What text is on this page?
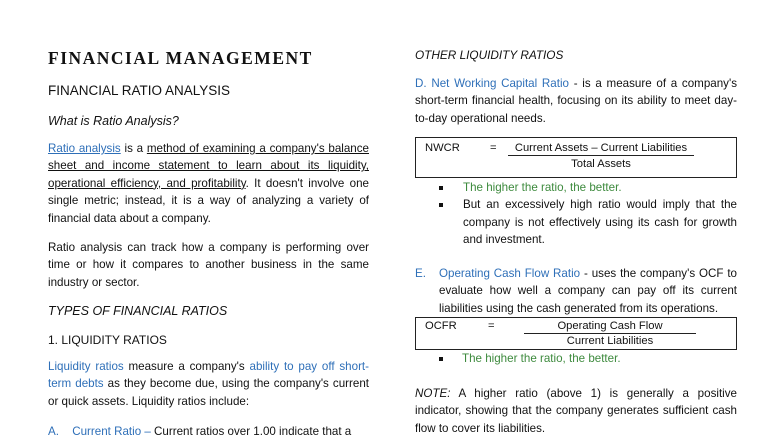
FINANCIAL MANAGEMENT
FINANCIAL RATIO ANALYSIS
What is Ratio Analysis?

Ratio analysis is a method of examining a company's balance sheet and income statement to learn about its liquidity, operational efficiency, and profitability. It doesn't involve one single metric; instead, it is a way of analyzing a variety of financial data about a company.

Ratio analysis can track how a company is performing over time or how it compares to another business in the same industry or sector.

TYPES OF FINANCIAL RATIOS
1. LIQUIDITY RATIOS

Liquidity ratios measure a company's ability to pay off short-term debts as they become due, using the company's current or quick assets. Liquidity ratios include:

A. Current Ratio – Current ratios over 1.00 indicate that a
OTHER LIQUIDITY RATIOS

D. Net Working Capital Ratio - is a measure of a company's short-term financial health, focusing on its ability to meet day-to-day operational needs.

NWCR	=	Current Assets – Current Liabilities
Total Assets
The higher the ratio, the better.
But an excessively high ratio would imply that the company is not effectively using its cash for growth and investment.
E.	Operating Cash Flow Ratio - uses the company's OCF to evaluate how well a company can pay off its current liabilities using the cash generated from its operations.

OCFR	=	Operating Cash Flow
Current Liabilities
The higher the ratio, the better.

NOTE: A higher ratio (above 1) is generally a positive indicator, showing that the company generates sufficient cash flow to cover its liabilities.
